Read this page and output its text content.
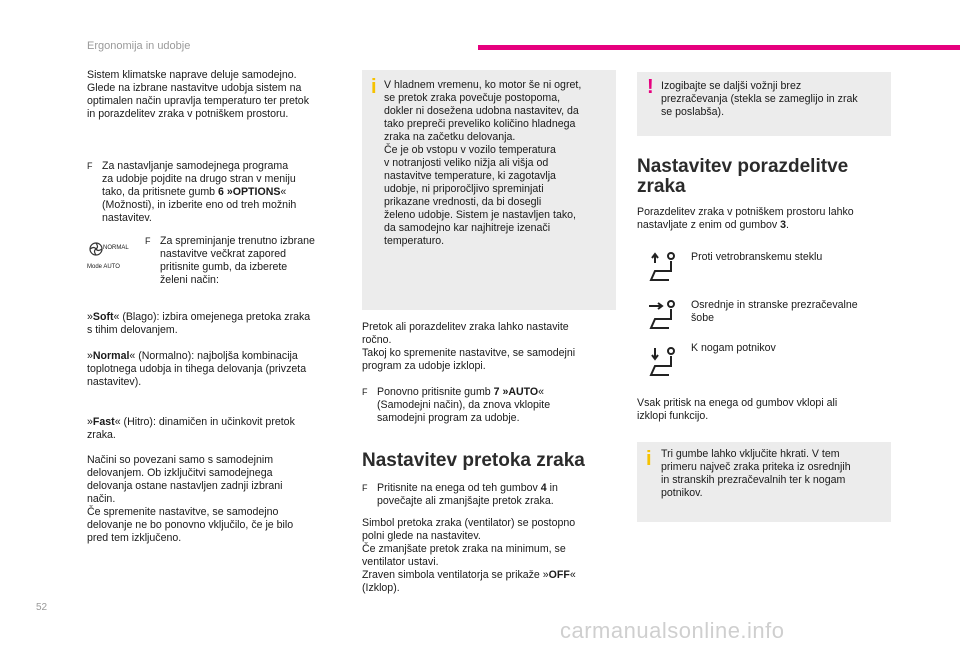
Ergonomija in udobje

Sistem klimatske naprave deluje samodejno.

Glede na izbrane nastavitve udobja sistem na

optimalen način upravlja temperaturo ter pretok

in porazdelitev zraka v potniškem prostoru.

F Za nastavljanje samodejnega programa

za udobje pojdite na drugo stran v meniju

tako, da pritisnete gumb 6 »OPTIONS«

(Možnosti), in izberite eno od treh možnih

nastavitev.

NORMAL
Mode AUTO
F Za spreminjanje trenutno izbrane

nastavitve večkrat zapored

pritisnite gumb, da izberete

želeni način:

»Soft« (Blago): izbira omejenega pretoka zraka

s tihim delovanjem.

»Normal« (Normalno): najboljša kombinacija

toplotnega udobja in tihega delovanja (privzeta

nastavitev).

»Fast« (Hitro): dinamičen in učinkovit pretok

zraka.

Načini so povezani samo s samodejnim

delovanjem. Ob izključitvi samodejnega

delovanja ostane nastavljen zadnji izbrani

način.

Če spremenite nastavitve, se samodejno

delovanje ne bo ponovno vključilo, če je bilo

pred tem izključeno.

i V hladnem vremenu, ko motor še ni ogret,

se pretok zraka povečuje postopoma,

dokler ni dosežena udobna nastavitev, da

tako prepreči preveliko količino hladnega

zraka na začetku delovanja.

Če je ob vstopu v vozilo temperatura

v notranjosti veliko nižja ali višja od

nastavitve temperature, ki zagotavlja

udobje, ni priporočljivo spreminjati

prikazane vrednosti, da bi dosegli

želeno udobje. Sistem je nastavljen tako,

da samodejno kar najhitreje izenači

temperaturo.

Pretok ali porazdelitev zraka lahko nastavite

ročno.

Takoj ko spremenite nastavitve, se samodejni

program za udobje izklopi.

F Ponovno pritisnite gumb 7 »AUTO«

(Samodejni način), da znova vklopite

samodejni program za udobje.

Nastavitev pretoka zraka
F Pritisnite na enega od teh gumbov 4 in

povečajte ali zmanjšajte pretok zraka.

Simbol pretoka zraka (ventilator) se postopno

polni glede na nastavitev.

Če zmanjšate pretok zraka na minimum, se

ventilator ustavi.

Zraven simbola ventilatorja se prikaže »OFF«

(Izklop).

! Izogibajte se daljši vožnji brez

prezračevanja (stekla se zameglijo in zrak

se poslabša).

Nastavitev porazdelitve
zraka

Porazdelitev zraka v potniškem prostoru lahko

nastavljate z enim od gumbov 3.

Proti vetrobranskemu steklu

Osrednje in stranske prezračevalne

šobe

K nogam potnikov

Vsak pritisk na enega od gumbov vklopi ali

izklopi funkcijo.

i Tri gumbe lahko vključite hkrati. V tem

primeru največ zraka priteka iz osrednjih

in stranskih prezračevalnih ter k nogam

potnikov.

52
carmanualsonline.info
